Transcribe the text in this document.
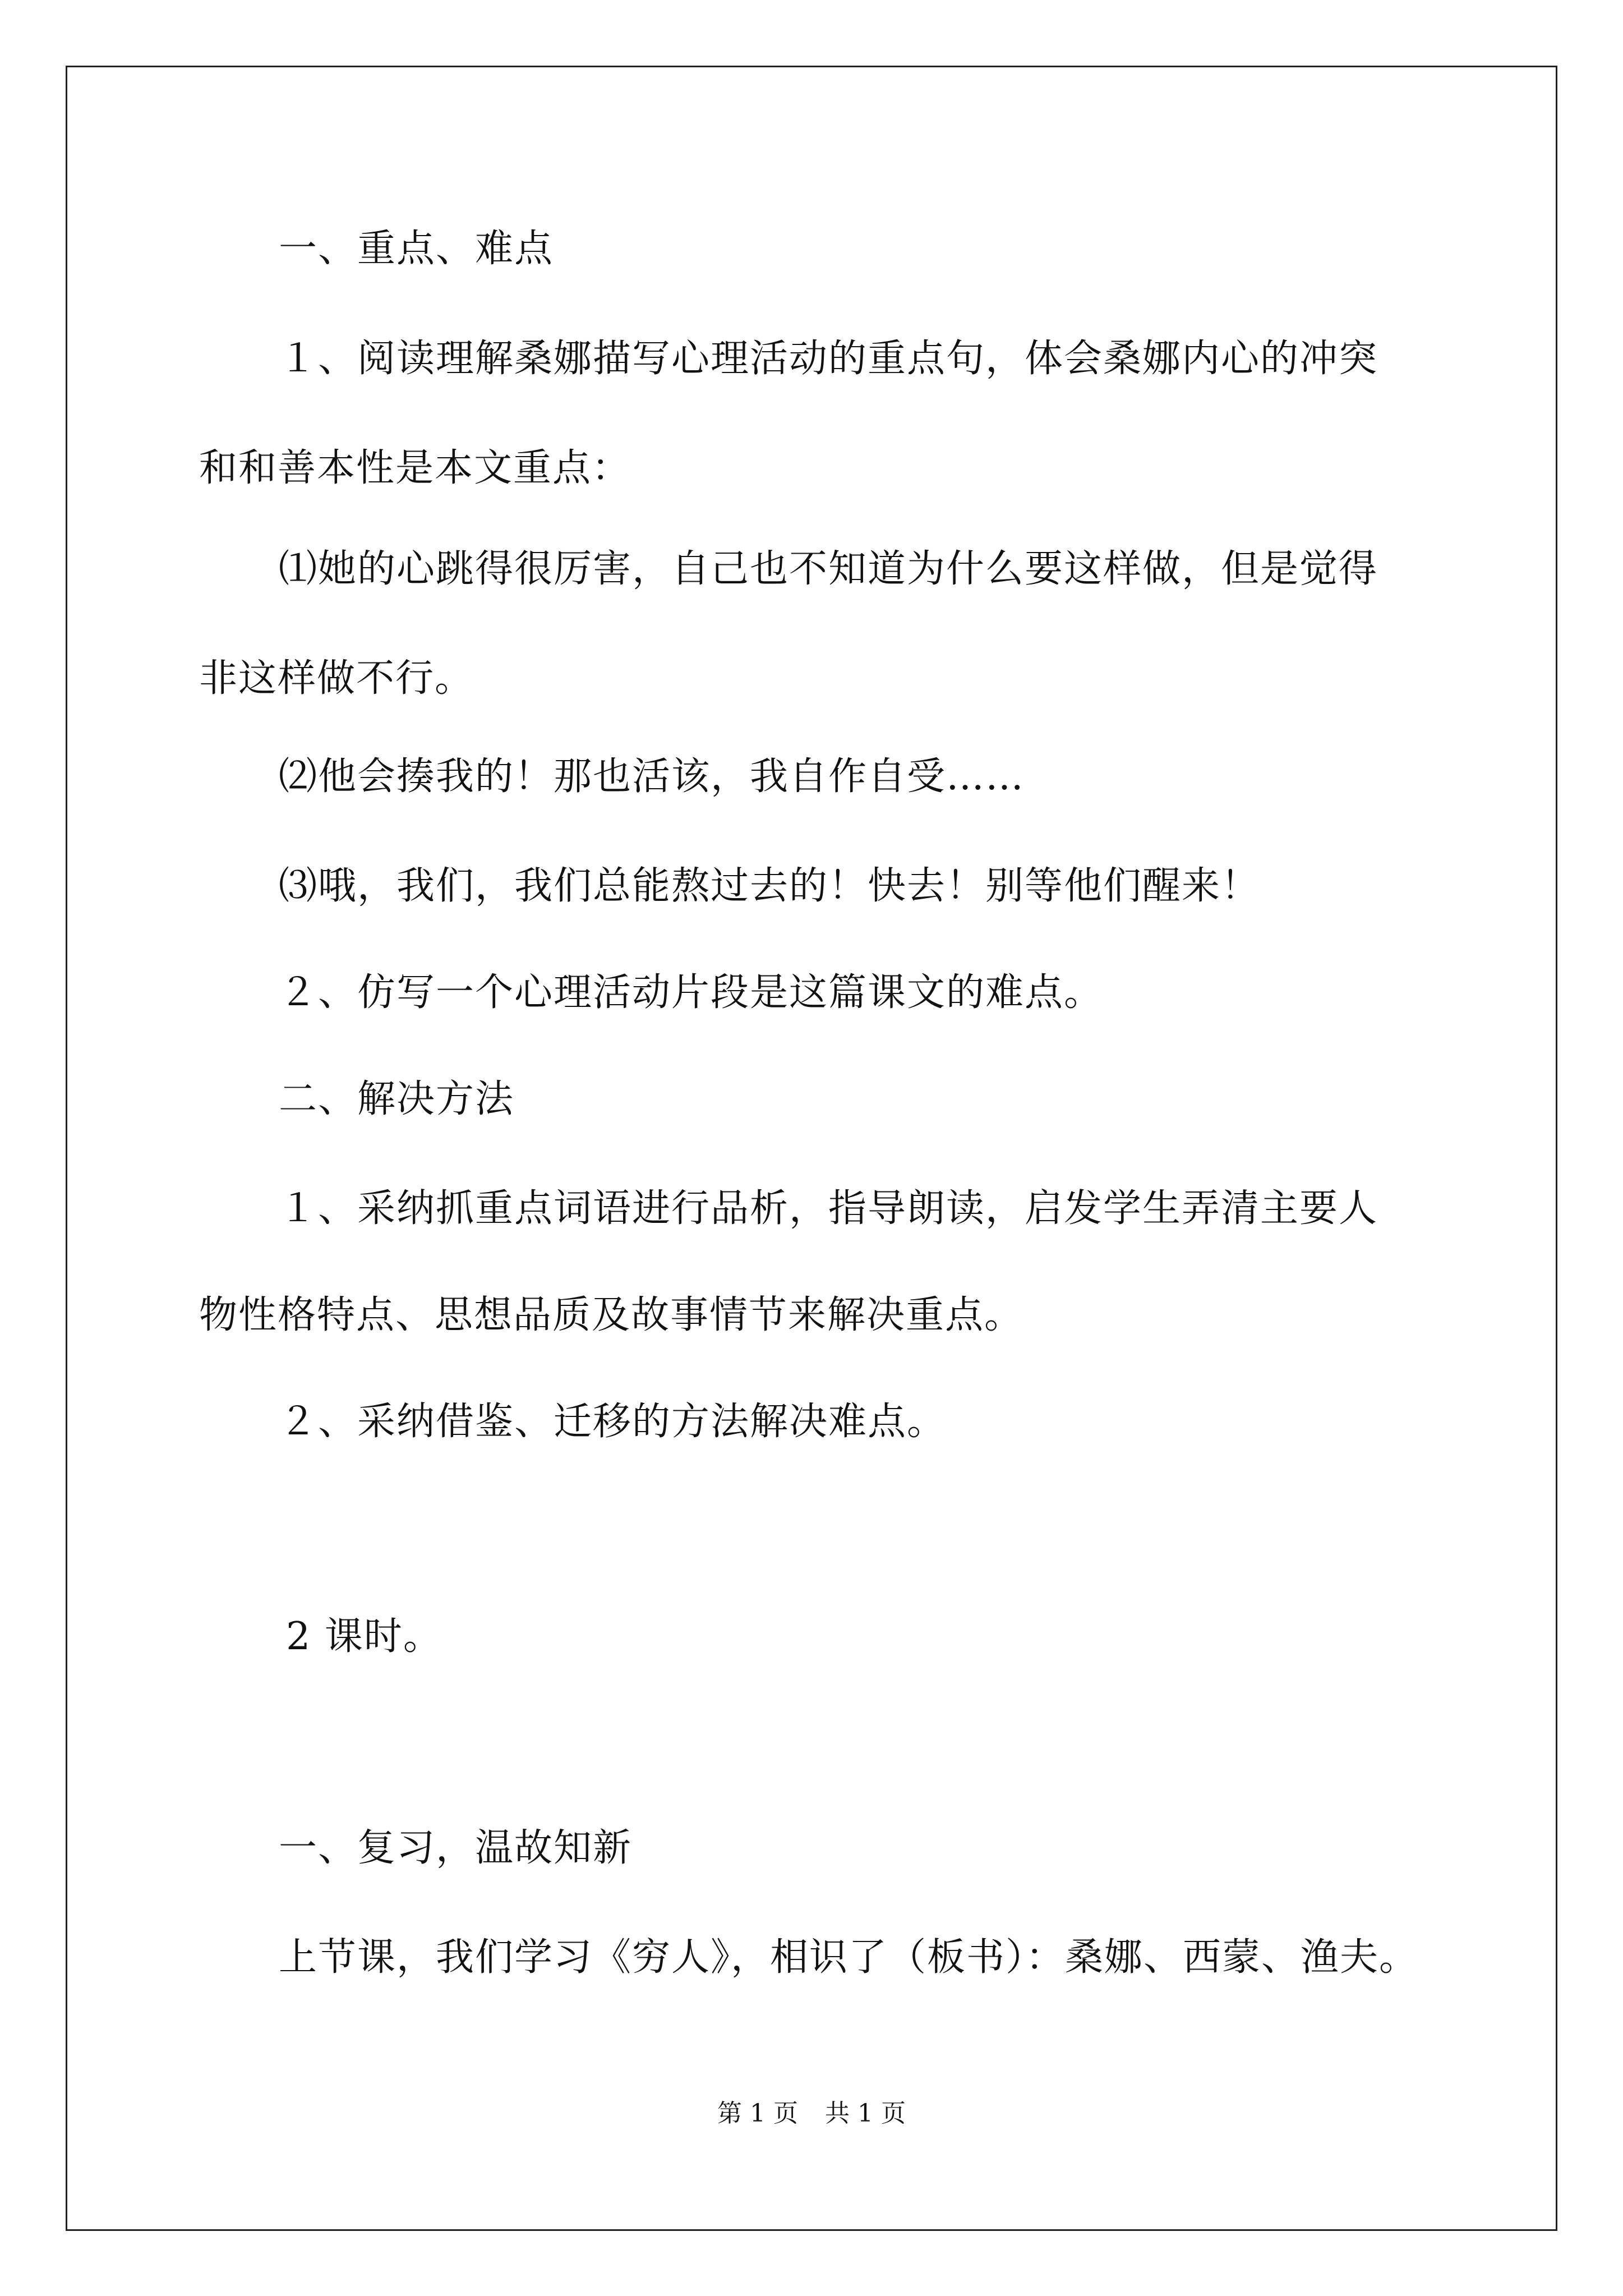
一、重点、难点
１、阅读理解桑娜描写心理活动的重点句，体会桑娜内心的冲突
和和善本性是本文重点：
⑴她的心跳得很厉害，自己也不知道为什么要这样做，但是觉得
非这样做不行。
⑵他会揍我的！那也活该，我自作自受……
⑶哦，我们，我们总能熬过去的！快去！别等他们醒来！
２、仿写一个心理活动片段是这篇课文的难点。
二、解决方法
１、采纳抓重点词语进行品析，指导朗读，启发学生弄清主要人
物性格特点、思想品质及故事情节来解决重点。
２、采纳借鉴、迁移的方法解决难点。
2 课时。
一、复习，温故知新
上节课，我们学习《穷人》，相识了（板书）：桑娜、西蒙、渔夫。
第 1 页 共 1 页
